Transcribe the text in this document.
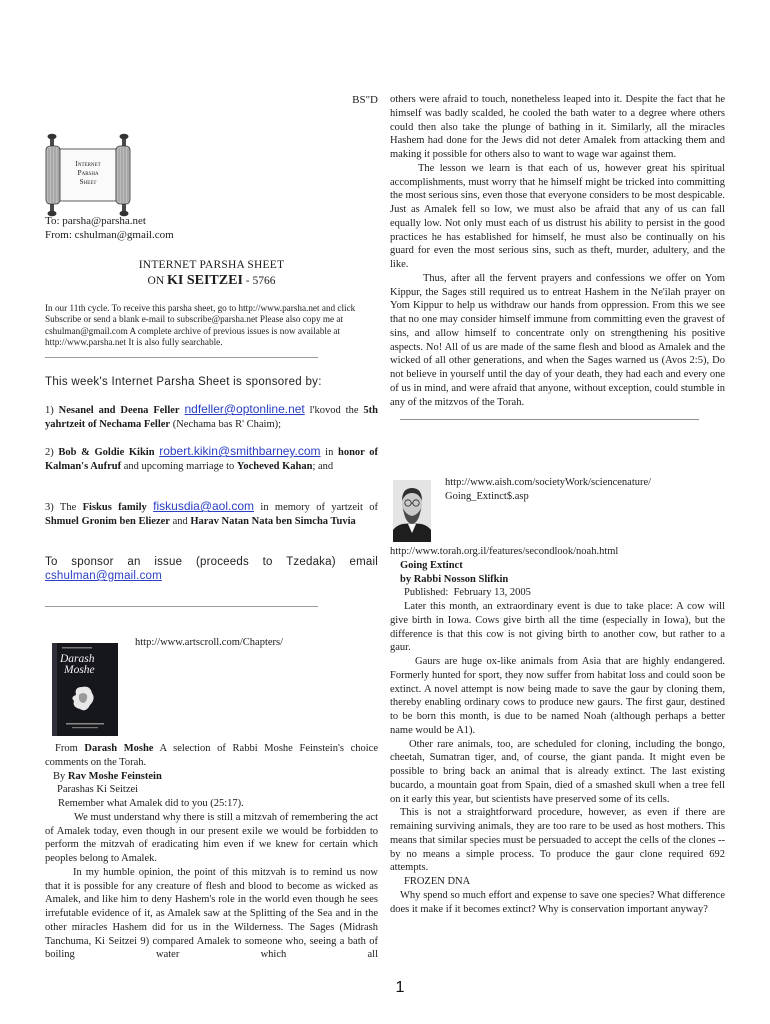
BS"D
Internet
Parsha
Sheet
To: parsha@parsha.net
From: cshulman@gmail.com
INTERNET PARSHA SHEET
ON KI SEITZEI - 5766
In our 11th cycle. To receive this parsha sheet, go to http://www.parsha.net and click Subscribe or send a blank e-mail to subscribe@parsha.net Please also copy me at cshulman@gmail.com A complete archive of previous issues is now available at http://www.parsha.net It is also fully searchable.
____________________________________________________
This week's Internet Parsha Sheet is sponsored by:
1) Nesanel and Deena Feller ndfeller@optonline.net l'kovod the 5th yahrtzeit of Nechama Feller (Nechama bas R' Chaim);
2) Bob & Goldie Kikin robert.kikin@smithbarney.com in honor of Kalman's Aufruf and upcoming marriage to Yocheved Kahan; and
3) The Fiskus family fiskusdia@aol.com in memory of yartzeit of Shmuel Gronim ben Eliezer and Harav Natan Nata ben Simcha Tuvia
To sponsor an issue (proceeds to Tzedaka) email cshulman@gmail.com
____________________________________________________
Darash
Moshe
http://www.artscroll.com/Chapters/

From Darash Moshe A selection of Rabbi Moshe Feinstein's choice comments on the Torah.

By Rav Moshe Feinstein

Parashas Ki Seitzei

Remember what Amalek did to you (25:17).

We must understand why there is still a mitzvah of remembering the act of Amalek today, even though in our present exile we would be forbidden to perform the mitzvah of eradicating him even if we knew for certain which peoples belong to Amalek.

In my humble opinion, the point of this mitzvah is to remind us now that it is possible for any creature of flesh and blood to become as wicked as Amalek, and like him to deny Hashem's role in the world even though he sees irrefutable evidence of it, as Amalek saw at the Splitting of the Sea and in the other miracles Hashem did for us in the Wilderness. The Sages (Midrash Tanchuma, Ki Seitzei 9) compared Amalek to someone who, seeing a bath of boiling water which all

others were afraid to touch, nonetheless leaped into it. Despite the fact that he himself was badly scalded, he cooled the bath water to a degree where others could then also take the plunge of bathing in it. Similarly, all the miracles Hashem had done for the Jews did not deter Amalek from attacking them and making it possible for others also to want to wage war against them.

The lesson we learn is that each of us, however great his spiritual accomplishments, must worry that he himself might be tricked into committing the most serious sins, even those that everyone considers to be most despicable. Just as Amalek fell so low, we must also be afraid that any of us can fall equally low. Not only must each of us distrust his ability to persist in the good practices he has established for himself, he must also be continually on his guard for even the most serious sins, such as theft, murder, adultery, and the like.

Thus, after all the fervent prayers and confessions we offer on Yom Kippur, the Sages still required us to entreat Hashem in the Ne'ilah prayer on Yom Kippur to help us withdraw our hands from oppression. From this we see that no one may consider himself immune from committing even the gravest of sins, and allow himself to concentrate only on strengthening his positive aspects. No! All of us are made of the same flesh and blood as Amalek and the wicked of all other generations, and when the Sages warned us (Avos 2:5), Do not believe in yourself until the day of your death, they had each and every one of us in mind, and were afraid that anyone, without exception, could stumble in any of the mitzvos of the Torah.

____________________________________________________

http://www.aish.com/societyWork/sciencenature/
Going_Extinct$.asp

http://www.torah.org.il/features/secondlook/noah.html

Going Extinct

by Rabbi Nosson Slifkin

Published:  February 13, 2005

Later this month, an extraordinary event is due to take place: A cow will give birth in Iowa. Cows give birth all the time (especially in Iowa), but the difference is that this cow is not giving birth to another cow, but rather to a gaur.

Gaurs are huge ox-like animals from Asia that are highly endangered. Formerly hunted for sport, they now suffer from habitat loss and could soon be extinct. A novel attempt is now being made to save the gaur by cloning them, thereby enabling ordinary cows to produce new gaurs. The first gaur, destined to be born this month, is due to be named Noah (although perhaps a better name would be A1).

Other rare animals, too, are scheduled for cloning, including the bongo, cheetah, Sumatran tiger, and, of course, the giant panda. It might even be possible to bring back an animal that is already extinct. The last existing bucardo, a mountain goat from Spain, died of a smashed skull when a tree fell on it early this year, but scientists have preserved some of its cells.

This is not a straightforward procedure, however, as even if there are remaining surviving animals, they are too rare to be used as host mothers. This means that similar species must be persuaded to accept the cells of the clones -- by no means a simple process. To produce the gaur clone required 692 attempts.

FROZEN DNA

Why spend so much effort and expense to save one species? What difference does it make if it becomes extinct? Why is conservation important anyway?

1
